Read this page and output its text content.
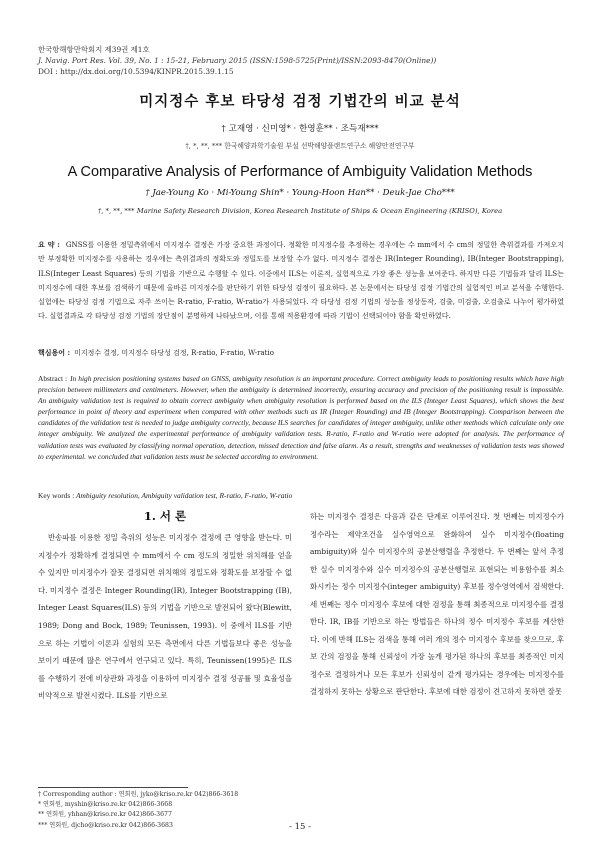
한국항해항만학회지 제39권 제1호
J. Navig. Port Res. Vol. 39, No. 1 : 15-21, February 2015 (ISSN:1598-5725(Print)/ISSN:2093-8470(Online))
DOI : http://dx.doi.org/10.5394/KINPR.2015.39.1.15
미지정수 후보 타당성 검정 기법간의 비교 분석
† 고재영 · 신미영* · 한영훈** · 조득재***
†, *, **, *** 한국해양과학기술원 부설 선박해양플랜트연구소 해양안전연구부
A Comparative Analysis of Performance of Ambiguity Validation Methods
† Jae-Young Ko · Mi-Young Shin* · Young-Hoon Han** · Deuk-Jae Cho***
†, *, **, *** Marine Safety Research Division, Korea Research Institute of Ships & Ocean Engineering (KRISO), Korea
요 약 : GNSS를 이용한 정밀측위에서 미지정수 결정은 가장 중요한 과정이다. 정확한 미지정수를 추정하는 경우에는 수 mm에서 수 cm의 정밀한 측위결과를 가져오지만 부정확한 미지정수를 사용하는 경우에는 측위결과의 정확도와 정밀도를 보장할 수가 없다. 미지정수 결정은 IR(Integer Rounding), IB(Integer Bootstrapping), ILS(Integer Least Squares) 등의 기법을 기반으로 수행할 수 있다. 이중에서 ILS는 이론적, 실험적으로 가장 좋은 성능을 보여준다. 하지만 다른 기법들과 달리 ILS는 미지정수에 대한 후보를 검색하기 때문에 올바른 미지정수를 판단하기 위한 타당성 검정이 필요하다. 본 논문에서는 타당성 검정 기법간의 실험적인 비교 분석을 수행한다. 실험에는 타당성 검정 기법으로 자주 쓰이는 R-ratio, F-ratio, W-ratio가 사용되었다. 각 타당성 검정 기법의 성능을 정상동작, 검출, 미검출, 오검출로 나누어 평가하였다. 실험결과로 각 타당성 검정 기법의 장단점이 분명하게 나타났으며, 이를 통해 적용환경에 따라 기법이 선택되어야 함을 확인하였다.
핵심용어 : 미지정수 결정, 미지정수 타당성 검정, R-ratio, F-ratio, W-ratio
Abstract : In high precision positioning systems based on GNSS, ambiguity resolution is an important procedure. Correct ambiguity leads to positioning results which have high precision between millimeters and centimeters. However, when the ambiguity is determined incorrectly, ensuring accuracy and precision of the positioning result is impossible. An ambiguity validation test is required to obtain correct ambiguity when ambiguity resolution is performed based on the ILS (Integer Least Squares), which shows the best performance in point of theory and experiment when compared with other methods such as IR (Integer Rounding) and IB (Integer Bootstrapping). Comparison between the candidates of the validation test is needed to judge ambiguity correctly, because ILS searches for candidates of integer ambiguity, unlike other methods which calculate only one integer ambiguity. We analyzed the experimental performance of ambiguity validation tests. R-ratio, F-ratio and W-ratio were adopted for analysis. The performance of validation tests was evaluated by classifying normal operation, detection, missed detection and false alarm. As a result, strengths and weaknesses of validation tests was showed to experimental. we concluded that validation tests must be selected according to environment.
Key words : Ambiguity resolution, Ambiguity validation test, R-ratio, F-ratio, W-ratio
1. 서 론

반송파를 이용한 정밀 측위의 성능은 미지정수 결정에 큰 영향을 받는다. 미지정수가 정확하게 결정되면 수 mm에서 수 cm 정도의 정밀한 위치해를 얻을 수 있지만 미지정수가 잘못 결정되면 위치해의 정밀도와 정확도를 보장할 수 없다. 미지정수 결정은 Integer Rounding(IR), Integer Bootstrapping (IB), Integer Least Squares(ILS) 등의 기법을 기반으로 발전되어 왔다(Blewitt, 1989; Dong and Bock, 1989; Teunissen, 1993). 이 중에서 ILS를 기반으로 하는 기법이 이론과 실험의 모든 측면에서 다른 기법들보다 좋은 성능을 보이기 때문에 많은 연구에서 연구되고 있다. 특히, Teunissen(1995)은 ILS를 수행하기 전에 비상관화 과정을 이용하여 미지정수 결정 성공률 및 효율성을 비약적으로 발전시켰다. ILS를 기반으로

하는 미지정수 결정은 다음과 같은 단계로 이루어진다. 첫 번째는 미지정수가 정수라는 제약조건을 실수영역으로 완화하여 실수 미지정수(floating ambiguity)와 실수 미지정수의 공분산행렬을 추정한다. 두 번째는 앞서 추정한 실수 미지정수와 실수 미지정수의 공분산행렬로 표현되는 비용함수를 최소화시키는 정수 미지정수(integer ambiguity) 후보를 정수영역에서 검색한다. 세 번째는 정수 미지정수 후보에 대한 검정을 통해 최종적으로 미지정수를 결정한다. IR, IB를 기반으로 하는 방법들은 하나의 정수 미지정수 후보를 계산한다. 이에 반해 ILS는 검색을 통해 여러 개의 정수 미지정수 후보를 찾으므로, 후보 간의 검정을 통해 신뢰성이 가장 높게 평가된 하나의 후보를 최종적인 미지정수로 결정하거나 모든 후보가 신뢰성이 같게 평가되는 경우에는 미지정수를 결정하지 못하는 상황으로 판단한다. 후보에 대한 검정이 견고하지 못하면 잘못

† Corresponding author : 연회원, jyko@kriso.re.kr 042)866-3618
* 연회원, myshin@kriso.re.kr 042)866-3668
** 연회원, yhhan@kriso.re.kr 042)866-3677
*** 연회원, djcho@kriso.re.kr 042)866-3683	- 15 -
